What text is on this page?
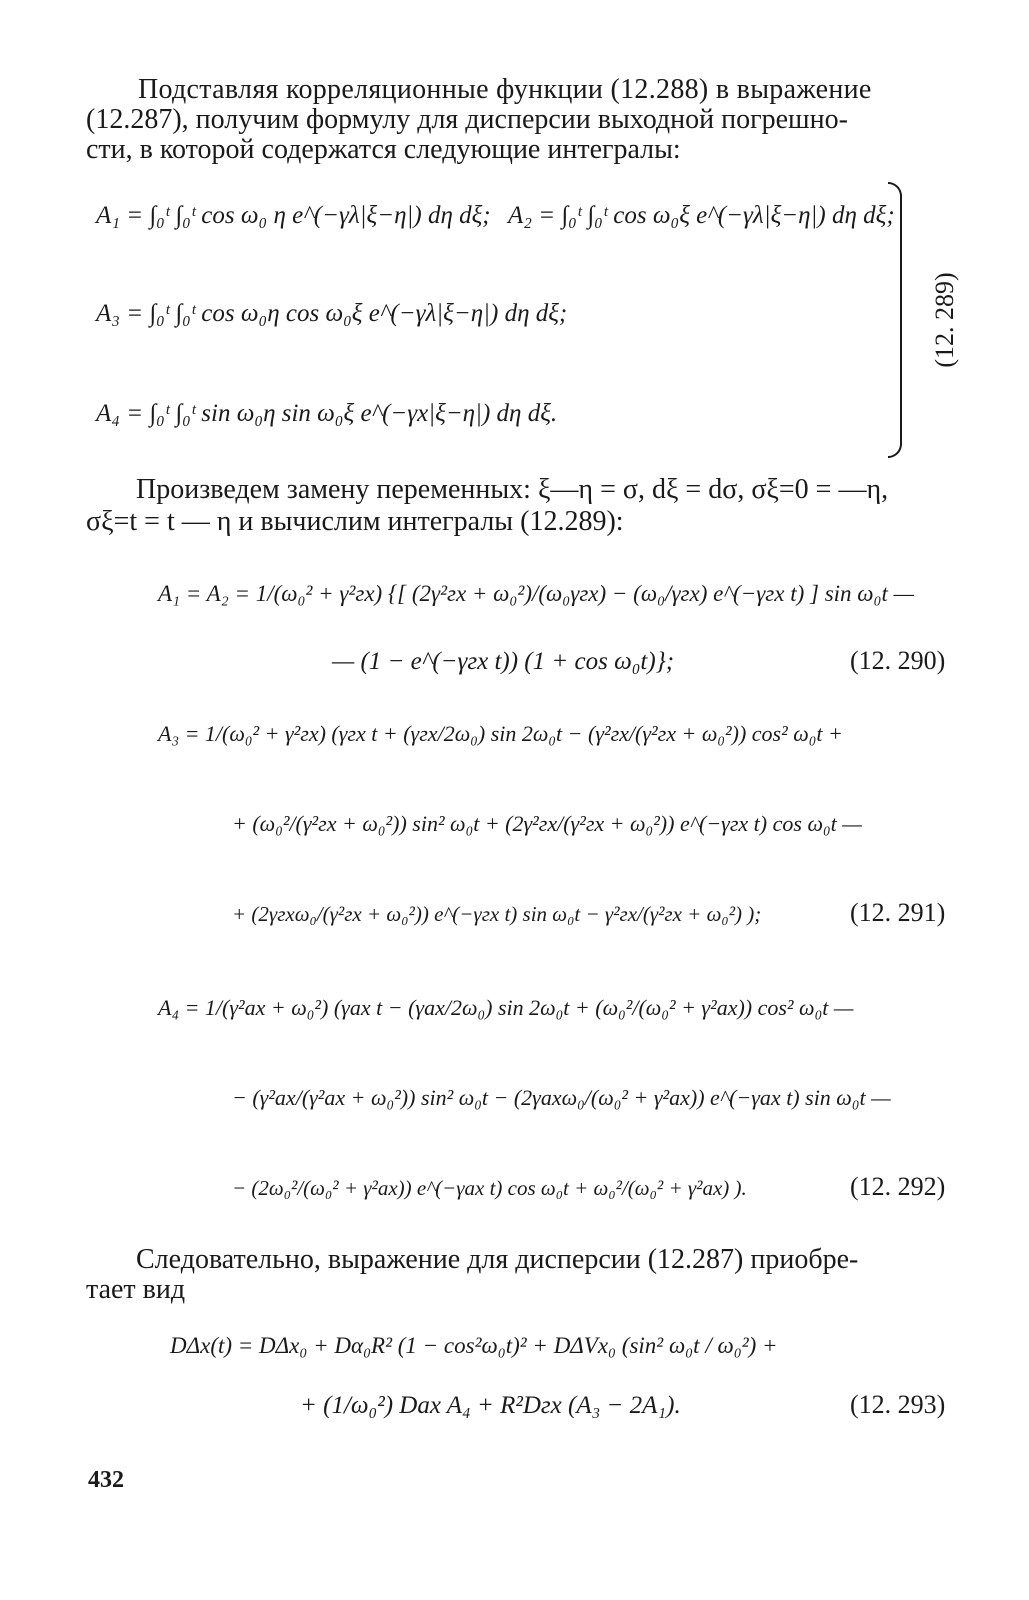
Подставляя корреляционные функции (12.288) в выражение
(12.287), получим формулу для дисперсии выходной погрешно-
сти, в которой содержатся следующие интегралы:
A₁ = ∫₀ᵗ ∫₀ᵗ cos ω₀ η e^(−γλ|ξ−η|) dη dξ; A₂ = ∫₀ᵗ ∫₀ᵗ cos ω₀ξ e^(−γλ|ξ−η|) dη dξ;
A₃ = ∫₀ᵗ ∫₀ᵗ cos ω₀η cos ω₀ξ e^(−γλ|ξ−η|) dη dξ;
A₄ = ∫₀ᵗ ∫₀ᵗ sin ω₀η sin ω₀ξ e^(−γx|ξ−η|) dη dξ.
(12. 289)
Произведем замену переменных: ξ—η = σ, dξ = dσ, σξ=0 = —η,
σξ=t = t — η и вычислим интегралы (12.289):
A₁ = A₂ = 1/(ω₀² + γ²гx) {[ (2γ²гx + ω₀²)/(ω₀γгx) − (ω₀/γгx) e^(−γгx t) ] sin ω₀t —
— (1 − e^(−γгx t)) (1 + cos ω₀t)};	(12. 290)
A₃ = 1/(ω₀² + γ²гx) (γгx t + (γгx/2ω₀) sin 2ω₀t − (γ²гx/(γ²гx + ω₀²)) cos² ω₀t +
+ (ω₀²/(γ²гx + ω₀²)) sin² ω₀t + (2γ²гx/(γ²гx + ω₀²)) e^(−γгx t) cos ω₀t —
+ (2γгxω₀/(γ²гx + ω₀²)) e^(−γгx t) sin ω₀t − γ²гx/(γ²гx + ω₀²) );	(12. 291)
A₄ = 1/(γ²ax + ω₀²) (γax t − (γax/2ω₀) sin 2ω₀t + (ω₀²/(ω₀² + γ²ax)) cos² ω₀t —
− (γ²ax/(γ²ax + ω₀²)) sin² ω₀t − (2γaxω₀/(ω₀² + γ²ax)) e^(−γax t) sin ω₀t —
− (2ω₀²/(ω₀² + γ²ax)) e^(−γax t) cos ω₀t + ω₀²/(ω₀² + γ²ax) ).	(12. 292)
Следовательно, выражение для дисперсии (12.287) приобре-
тает вид
DΔx(t) = DΔx₀ + Dα₀R² (1 − cos²ω₀t)² + DΔVx₀ (sin² ω₀t / ω₀²) +
+ (1/ω₀²) Dax A₄ + R²Dгx (A₃ − 2A₁).	(12. 293)
432
